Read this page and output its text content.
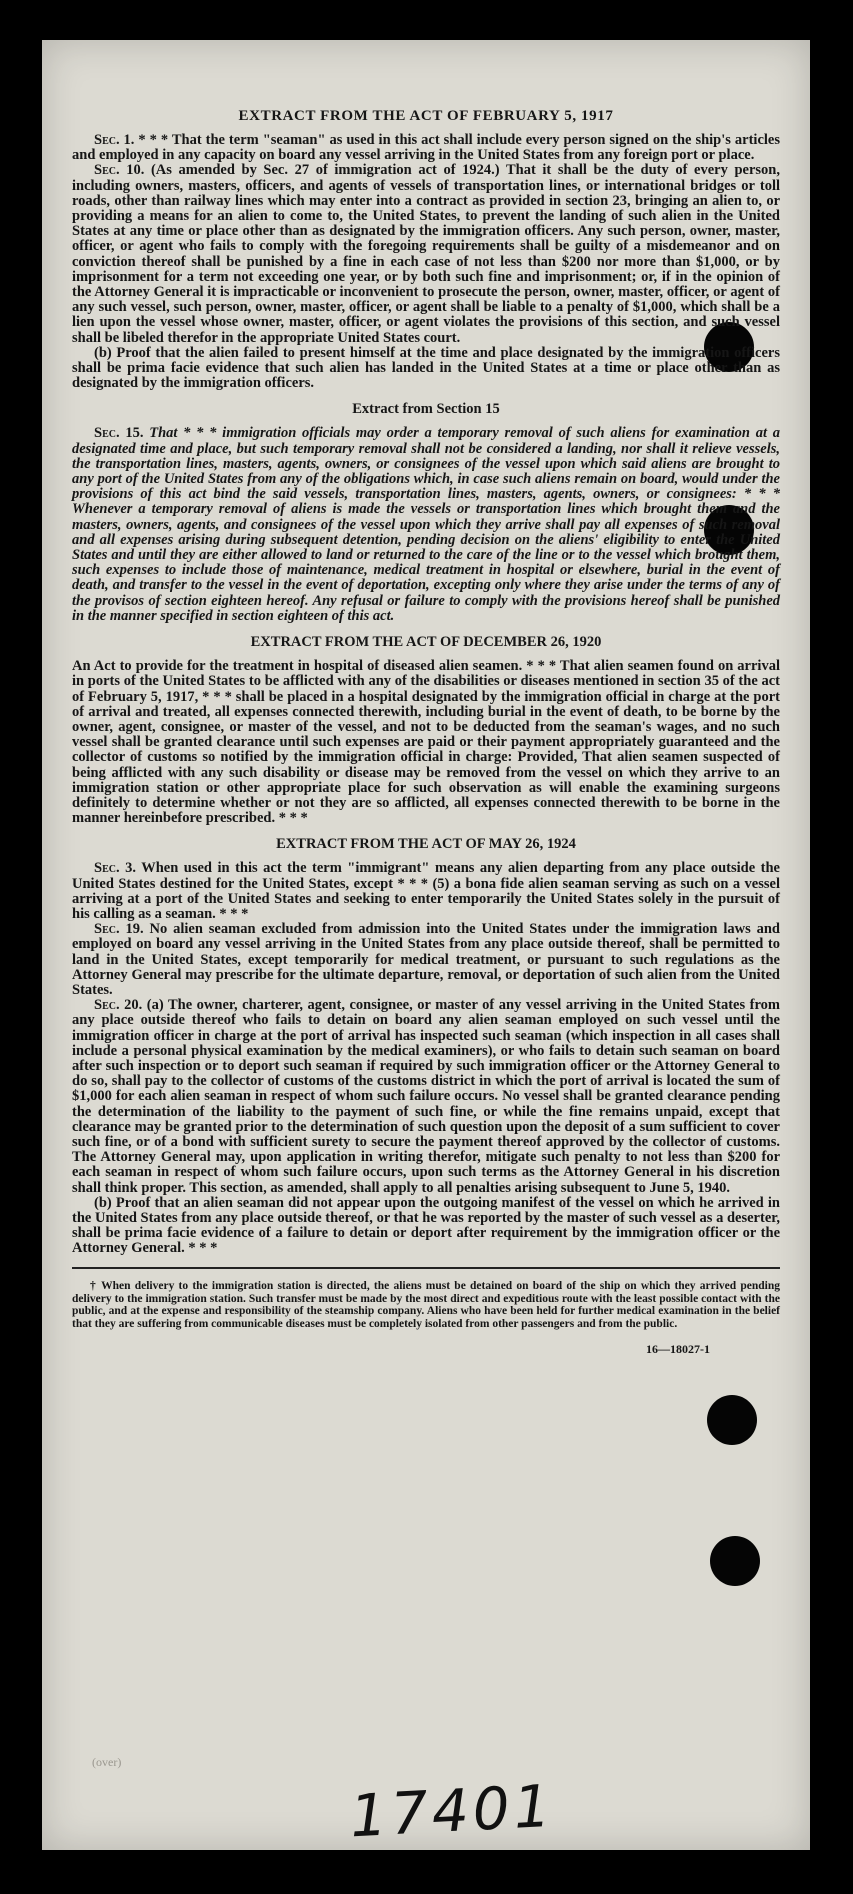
EXTRACT FROM THE ACT OF FEBRUARY 5, 1917

Sec. 1. * * * That the term "seaman" as used in this act shall include every person signed on the ship's articles and employed in any capacity on board any vessel arriving in the United States from any foreign port or place.

Sec. 10. (As amended by Sec. 27 of immigration act of 1924.) That it shall be the duty of every person, including owners, masters, officers, and agents of vessels of transportation lines, or international bridges or toll roads, other than railway lines which may enter into a contract as provided in section 23, bringing an alien to, or providing a means for an alien to come to, the United States, to prevent the landing of such alien in the United States at any time or place other than as designated by the immigration officers. Any such person, owner, master, officer, or agent who fails to comply with the foregoing requirements shall be guilty of a misdemeanor and on conviction thereof shall be punished by a fine in each case of not less than $200 nor more than $1,000, or by imprisonment for a term not exceeding one year, or by both such fine and imprisonment; or, if in the opinion of the Attorney General it is impracticable or inconvenient to prosecute the person, owner, master, officer, or agent of any such vessel, such person, owner, master, officer, or agent shall be liable to a penalty of $1,000, which shall be a lien upon the vessel whose owner, master, officer, or agent violates the provisions of this section, and such vessel shall be libeled therefor in the appropriate United States court.

(b) Proof that the alien failed to present himself at the time and place designated by the immigration officers shall be prima facie evidence that such alien has landed in the United States at a time or place other than as designated by the immigration officers.

Extract from Section 15

Sec. 15. That * * * immigration officials may order a temporary removal of such aliens for examination at a designated time and place, but such temporary removal shall not be considered a landing, nor shall it relieve vessels, the transportation lines, masters, agents, owners, or consignees of the vessel upon which said aliens are brought to any port of the United States from any of the obligations which, in case such aliens remain on board, would under the provisions of this act bind the said vessels, transportation lines, masters, agents, owners, or consignees: * * * Whenever a temporary removal of aliens is made the vessels or transportation lines which brought them and the masters, owners, agents, and consignees of the vessel upon which they arrive shall pay all expenses of such removal and all expenses arising during subsequent detention, pending decision on the aliens' eligibility to enter the United States and until they are either allowed to land or returned to the care of the line or to the vessel which brought them, such expenses to include those of maintenance, medical treatment in hospital or elsewhere, burial in the event of death, and transfer to the vessel in the event of deportation, excepting only where they arise under the terms of any of the provisos of section eighteen hereof. Any refusal or failure to comply with the provisions hereof shall be punished in the manner specified in section eighteen of this act.

EXTRACT FROM THE ACT OF DECEMBER 26, 1920

An Act to provide for the treatment in hospital of diseased alien seamen. * * * That alien seamen found on arrival in ports of the United States to be afflicted with any of the disabilities or diseases mentioned in section 35 of the act of February 5, 1917, * * * shall be placed in a hospital designated by the immigration official in charge at the port of arrival and treated, all expenses connected therewith, including burial in the event of death, to be borne by the owner, agent, consignee, or master of the vessel, and not to be deducted from the seaman's wages, and no such vessel shall be granted clearance until such expenses are paid or their payment appropriately guaranteed and the collector of customs so notified by the immigration official in charge: Provided, That alien seamen suspected of being afflicted with any such disability or disease may be removed from the vessel on which they arrive to an immigration station or other appropriate place for such observation as will enable the examining surgeons definitely to determine whether or not they are so afflicted, all expenses connected therewith to be borne in the manner hereinbefore prescribed. * * *

EXTRACT FROM THE ACT OF MAY 26, 1924

Sec. 3. When used in this act the term "immigrant" means any alien departing from any place outside the United States destined for the United States, except * * * (5) a bona fide alien seaman serving as such on a vessel arriving at a port of the United States and seeking to enter temporarily the United States solely in the pursuit of his calling as a seaman. * * *

Sec. 19. No alien seaman excluded from admission into the United States under the immigration laws and employed on board any vessel arriving in the United States from any place outside thereof, shall be permitted to land in the United States, except temporarily for medical treatment, or pursuant to such regulations as the Attorney General may prescribe for the ultimate departure, removal, or deportation of such alien from the United States.

Sec. 20. (a) The owner, charterer, agent, consignee, or master of any vessel arriving in the United States from any place outside thereof who fails to detain on board any alien seaman employed on such vessel until the immigration officer in charge at the port of arrival has inspected such seaman (which inspection in all cases shall include a personal physical examination by the medical examiners), or who fails to detain such seaman on board after such inspection or to deport such seaman if required by such immigration officer or the Attorney General to do so, shall pay to the collector of customs of the customs district in which the port of arrival is located the sum of $1,000 for each alien seaman in respect of whom such failure occurs. No vessel shall be granted clearance pending the determination of the liability to the payment of such fine, or while the fine remains unpaid, except that clearance may be granted prior to the determination of such question upon the deposit of a sum sufficient to cover such fine, or of a bond with sufficient surety to secure the payment thereof approved by the collector of customs. The Attorney General may, upon application in writing therefor, mitigate such penalty to not less than $200 for each seaman in respect of whom such failure occurs, upon such terms as the Attorney General in his discretion shall think proper. This section, as amended, shall apply to all penalties arising subsequent to June 5, 1940.

(b) Proof that an alien seaman did not appear upon the outgoing manifest of the vessel on which he arrived in the United States from any place outside thereof, or that he was reported by the master of such vessel as a deserter, shall be prima facie evidence of a failure to detain or deport after requirement by the immigration officer or the Attorney General. * * *

† When delivery to the immigration station is directed, the aliens must be detained on board of the ship on which they arrived pending delivery to the immigration station. Such transfer must be made by the most direct and expeditious route with the least possible contact with the public, and at the expense and responsibility of the steamship company. Aliens who have been held for further medical examination in the belief that they are suffering from communicable diseases must be completely isolated from other passengers and from the public.

16—18027-1
(over)
17401
